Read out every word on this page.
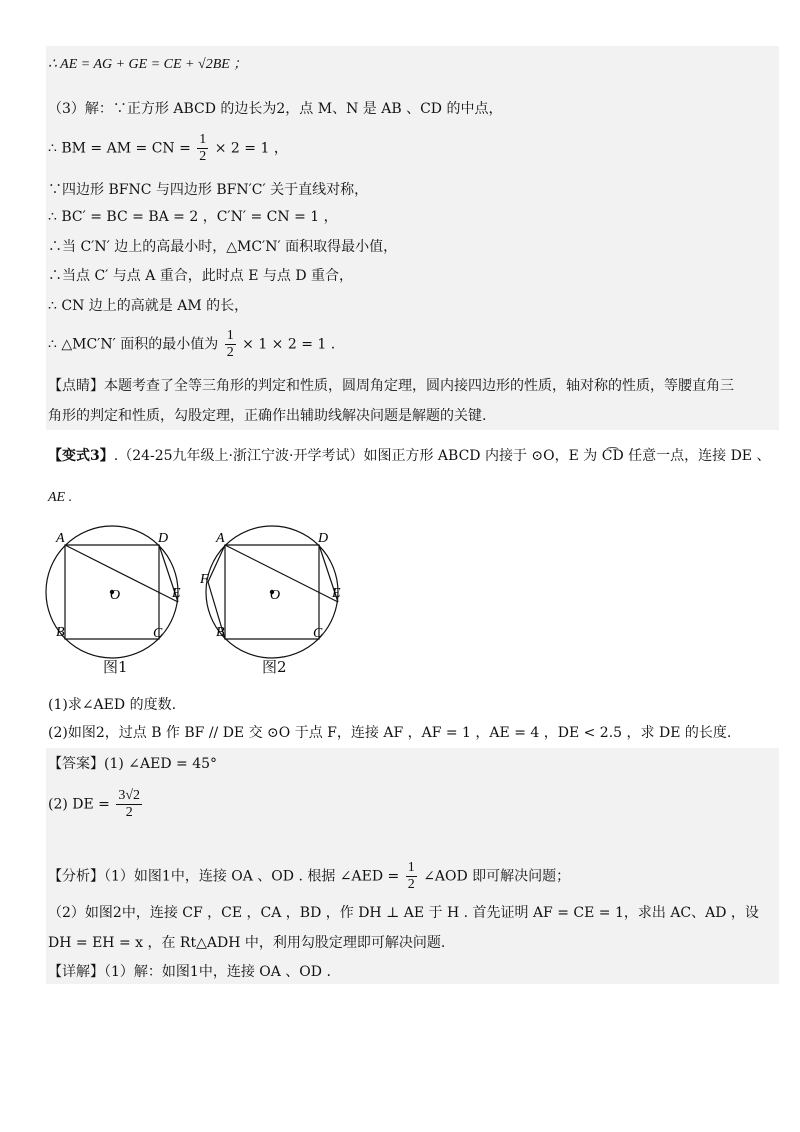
∴ AE = AG + GE = CE + √2BE ；
（3）解：∵正方形 ABCD 的边长为2，点 M、N 是 AB 、CD 的中点，
∴ BM = AM = CN = $\frac{1}{2} \times 2 = 1$ ，
∵四边形 BFNC 与四边形 BFN′C′ 关于直线对称，
∴ BC′ = BC = BA = 2 ，C′N′ = CN = 1 ，
∴当 C′N′ 边上的高最小时，△MC′N′ 面积取得最小值，
∴当点 C′ 与点 A 重合，此时点 E 与点 D 重合，
∴ CN 边上的高就是 AM 的长，
∴ △MC′N′ 面积的最小值为 $\frac{1}{2} \times 1 \times 2 = 1$ .
【点睛】本题考查了全等三角形的判定和性质，圆周角定理，圆内接四边形的性质，轴对称的性质，等腰直角三
角形的判定和性质，勾股定理，正确作出辅助线解决问题是解题的关键.
【变式3】.（24-25九年级上·浙江宁波·开学考试）如图正方形 ABCD 内接于 ⊙O，E 为 C͡D 任意一点，连接 DE 、
AE .
A	D
E
B	C
O
图1
A	D
E
F
B	C
O
图2
(1)求∠AED 的度数.
(2)如图2，过点 B 作 BF // DE 交 ⊙O 于点 F，连接 AF ，AF = 1 ，AE = 4 ，DE < 2.5 ，求 DE 的长度.
【答案】(1) ∠AED = 45°
(2) DE = $\frac{3√2}{2}$
【分析】（1）如图1中，连接 OA 、OD . 根据 ∠AED = $\frac{1}{2}$ ∠AOD 即可解决问题；
（2）如图2中，连接 CF ，CE ，CA ，BD ，作 DH ⊥ AE 于 H . 首先证明 AF = CE = 1，求出 AC、AD ，设
DH = EH = x ，在 Rt△ADH 中，利用勾股定理即可解决问题.
【详解】（1）解：如图1中，连接 OA 、OD .
